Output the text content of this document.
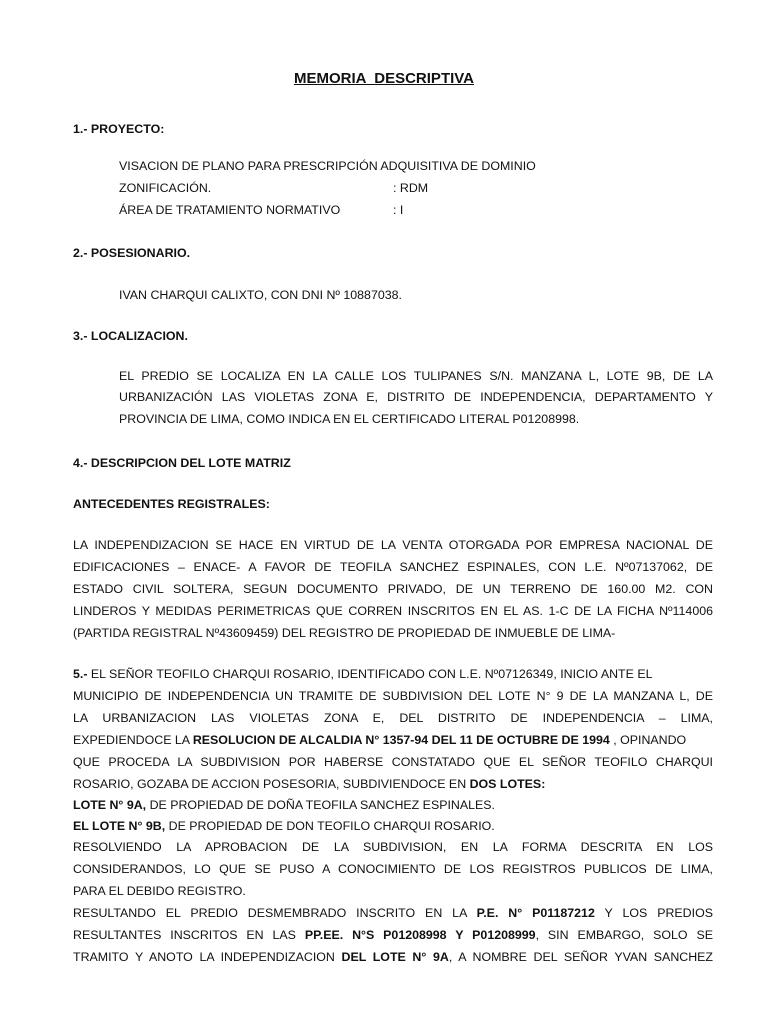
MEMORIA  DESCRIPTIVA
1.- PROYECTO:
VISACION DE PLANO PARA PRESCRIPCIÓN ADQUISITIVA DE DOMINIO
ZONIFICACIÓN.	: RDM
ÁREA DE TRATAMIENTO NORMATIVO	: I
2.- POSESIONARIO.
IVAN CHARQUI CALIXTO, CON DNI Nº 10887038.
3.- LOCALIZACION.
EL PREDIO SE LOCALIZA EN LA CALLE LOS TULIPANES S/N. MANZANA L, LOTE 9B, DE LA
URBANIZACIÓN LAS VIOLETAS ZONA E, DISTRITO DE INDEPENDENCIA, DEPARTAMENTO Y
PROVINCIA DE LIMA, COMO INDICA EN EL CERTIFICADO LITERAL P01208998.
4.- DESCRIPCION DEL LOTE MATRIZ
ANTECEDENTES REGISTRALES:
LA INDEPENDIZACION SE HACE EN VIRTUD DE LA VENTA OTORGADA POR EMPRESA NACIONAL DE
EDIFICACIONES – ENACE- A FAVOR DE TEOFILA SANCHEZ ESPINALES, CON L.E. Nº07137062, DE
ESTADO CIVIL SOLTERA, SEGUN DOCUMENTO PRIVADO, DE UN TERRENO DE 160.00 M2. CON
LINDEROS Y MEDIDAS PERIMETRICAS QUE CORREN INSCRITOS EN EL AS. 1-C DE LA FICHA Nº114006
(PARTIDA REGISTRAL Nº43609459) DEL REGISTRO DE PROPIEDAD DE INMUEBLE DE LIMA-
5.- EL SEÑOR TEOFILO CHARQUI ROSARIO, IDENTIFICADO CON L.E. Nº07126349, INICIO ANTE EL
MUNICIPIO DE INDEPENDENCIA UN TRAMITE DE SUBDIVISION DEL LOTE N° 9 DE LA MANZANA L, DE
LA URBANIZACION LAS VIOLETAS ZONA E, DEL DISTRITO DE INDEPENDENCIA – LIMA,
EXPEDIENDOCE LA RESOLUCION DE ALCALDIA N° 1357-94 DEL 11 DE OCTUBRE DE 1994 , OPINANDO
QUE PROCEDA LA SUBDIVISION POR HABERSE CONSTATADO QUE EL SEÑOR TEOFILO CHARQUI
ROSARIO, GOZABA DE ACCION POSESORIA, SUBDIVIENDOCE EN DOS LOTES:
LOTE N° 9A, DE PROPIEDAD DE DOÑA TEOFILA SANCHEZ ESPINALES.
EL LOTE N° 9B, DE PROPIEDAD DE DON TEOFILO CHARQUI ROSARIO.
RESOLVIENDO LA APROBACION DE LA SUBDIVISION, EN LA FORMA DESCRITA EN LOS
CONSIDERANDOS, LO QUE SE PUSO A CONOCIMIENTO DE LOS REGISTROS PUBLICOS DE LIMA,
PARA EL DEBIDO REGISTRO.
RESULTANDO EL PREDIO DESMEMBRADO INSCRITO EN LA P.E. N° P01187212 Y LOS PREDIOS
RESULTANTES INSCRITOS EN LAS PP.EE. N°S P01208998 Y P01208999, SIN EMBARGO, SOLO SE
TRAMITO Y ANOTO LA INDEPENDIZACION DEL LOTE N° 9A, A NOMBRE DEL SEÑOR YVAN SANCHEZ
